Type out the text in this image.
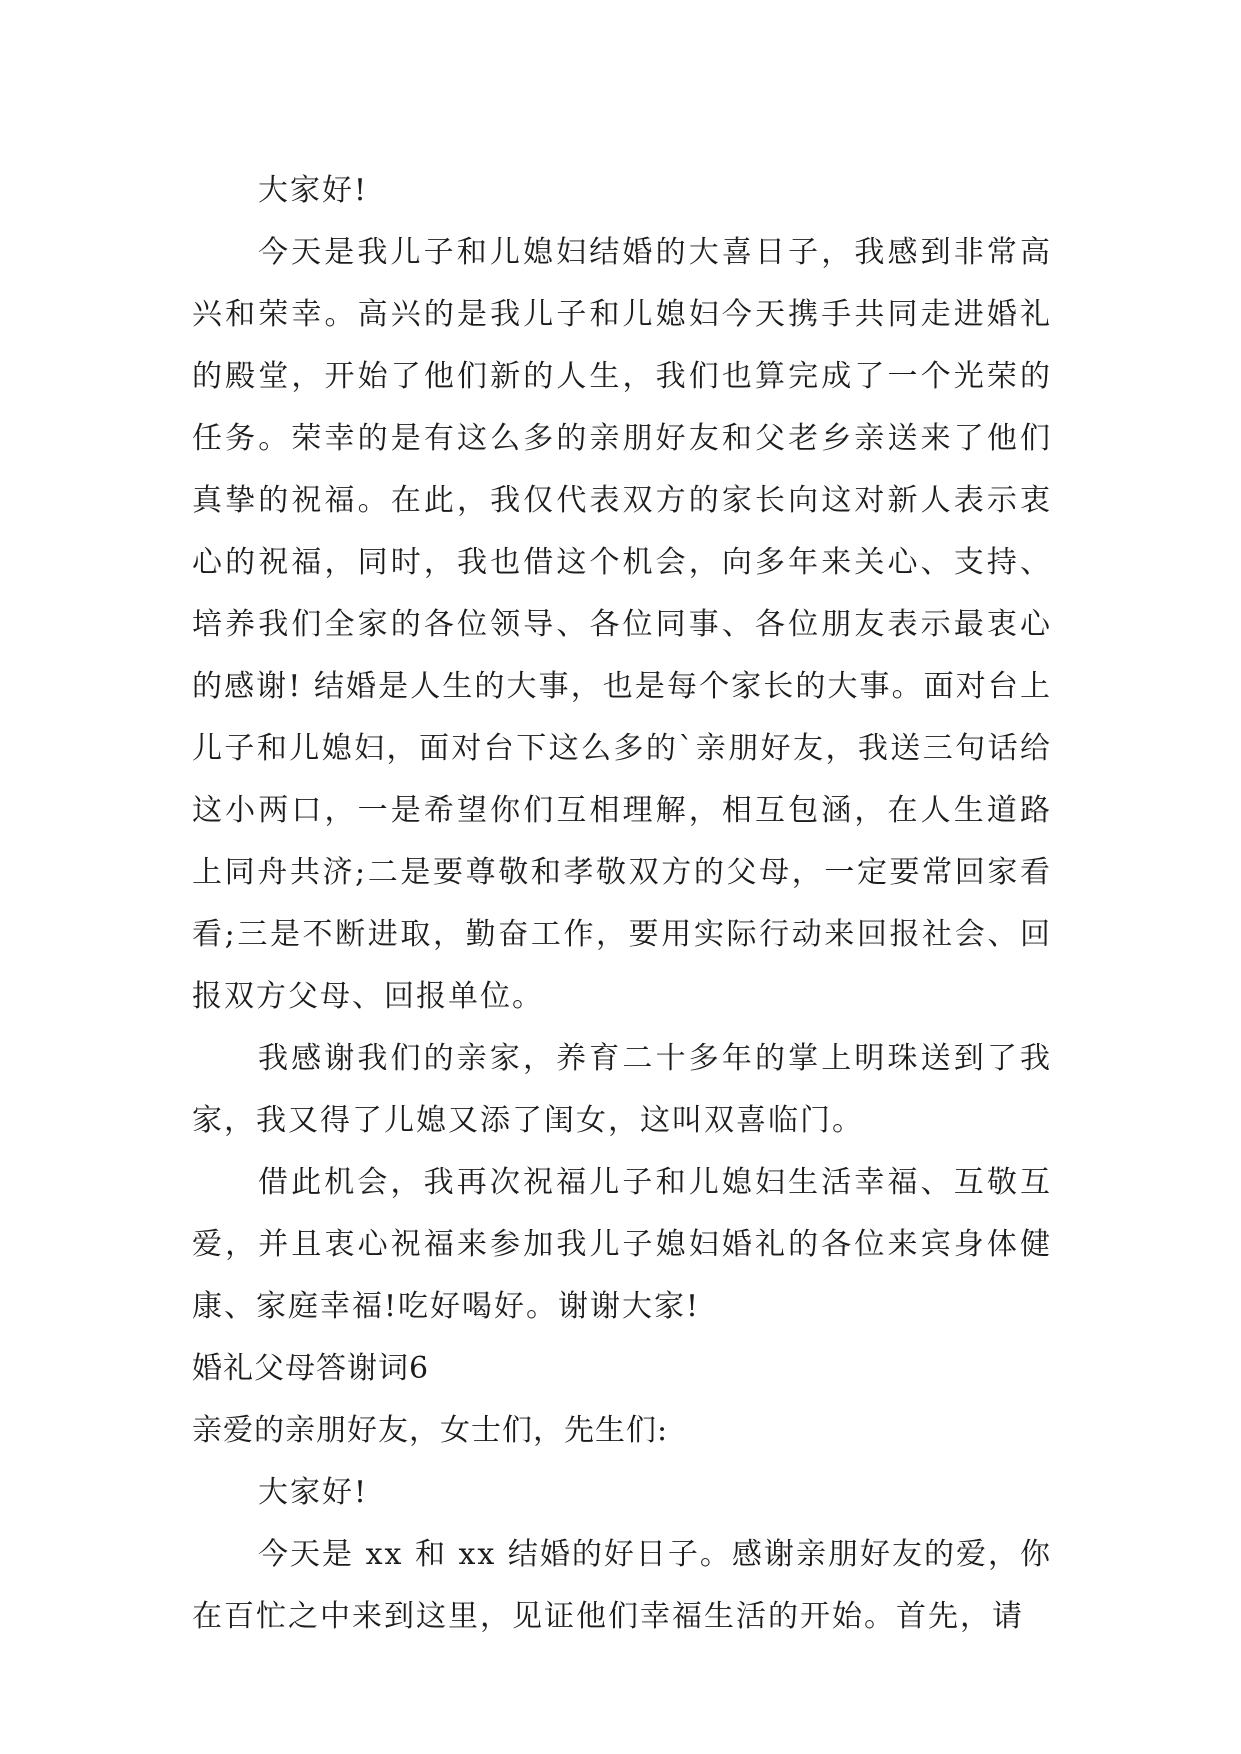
大家好!

今天是我儿子和儿媳妇结婚的大喜日子，我感到非常高兴和荣幸。高兴的是我儿子和儿媳妇今天携手共同走进婚礼的殿堂，开始了他们新的人生，我们也算完成了一个光荣的任务。荣幸的是有这么多的亲朋好友和父老乡亲送来了他们真挚的祝福。在此，我仅代表双方的家长向这对新人表示衷心的祝福，同时，我也借这个机会，向多年来关心、支持、培养我们全家的各位领导、各位同事、各位朋友表示最衷心的感谢! 结婚是人生的大事，也是每个家长的大事。面对台上儿子和儿媳妇，面对台下这么多的`亲朋好友，我送三句话给这小两口，一是希望你们互相理解，相互包涵，在人生道路上同舟共济;二是要尊敬和孝敬双方的父母，一定要常回家看看;三是不断进取，勤奋工作，要用实际行动来回报社会、回报双方父母、回报单位。

我感谢我们的亲家，养育二十多年的掌上明珠送到了我家，我又得了儿媳又添了闺女，这叫双喜临门。

借此机会，我再次祝福儿子和儿媳妇生活幸福、互敬互爱，并且衷心祝福来参加我儿子媳妇婚礼的各位来宾身体健康、家庭幸福!吃好喝好。谢谢大家!

婚礼父母答谢词6

亲爱的亲朋好友，女士们，先生们:

大家好!

今天是 xx 和 xx 结婚的好日子。感谢亲朋好友的爱，你在百忙之中来到这里，见证他们幸福生活的开始。首先，请
